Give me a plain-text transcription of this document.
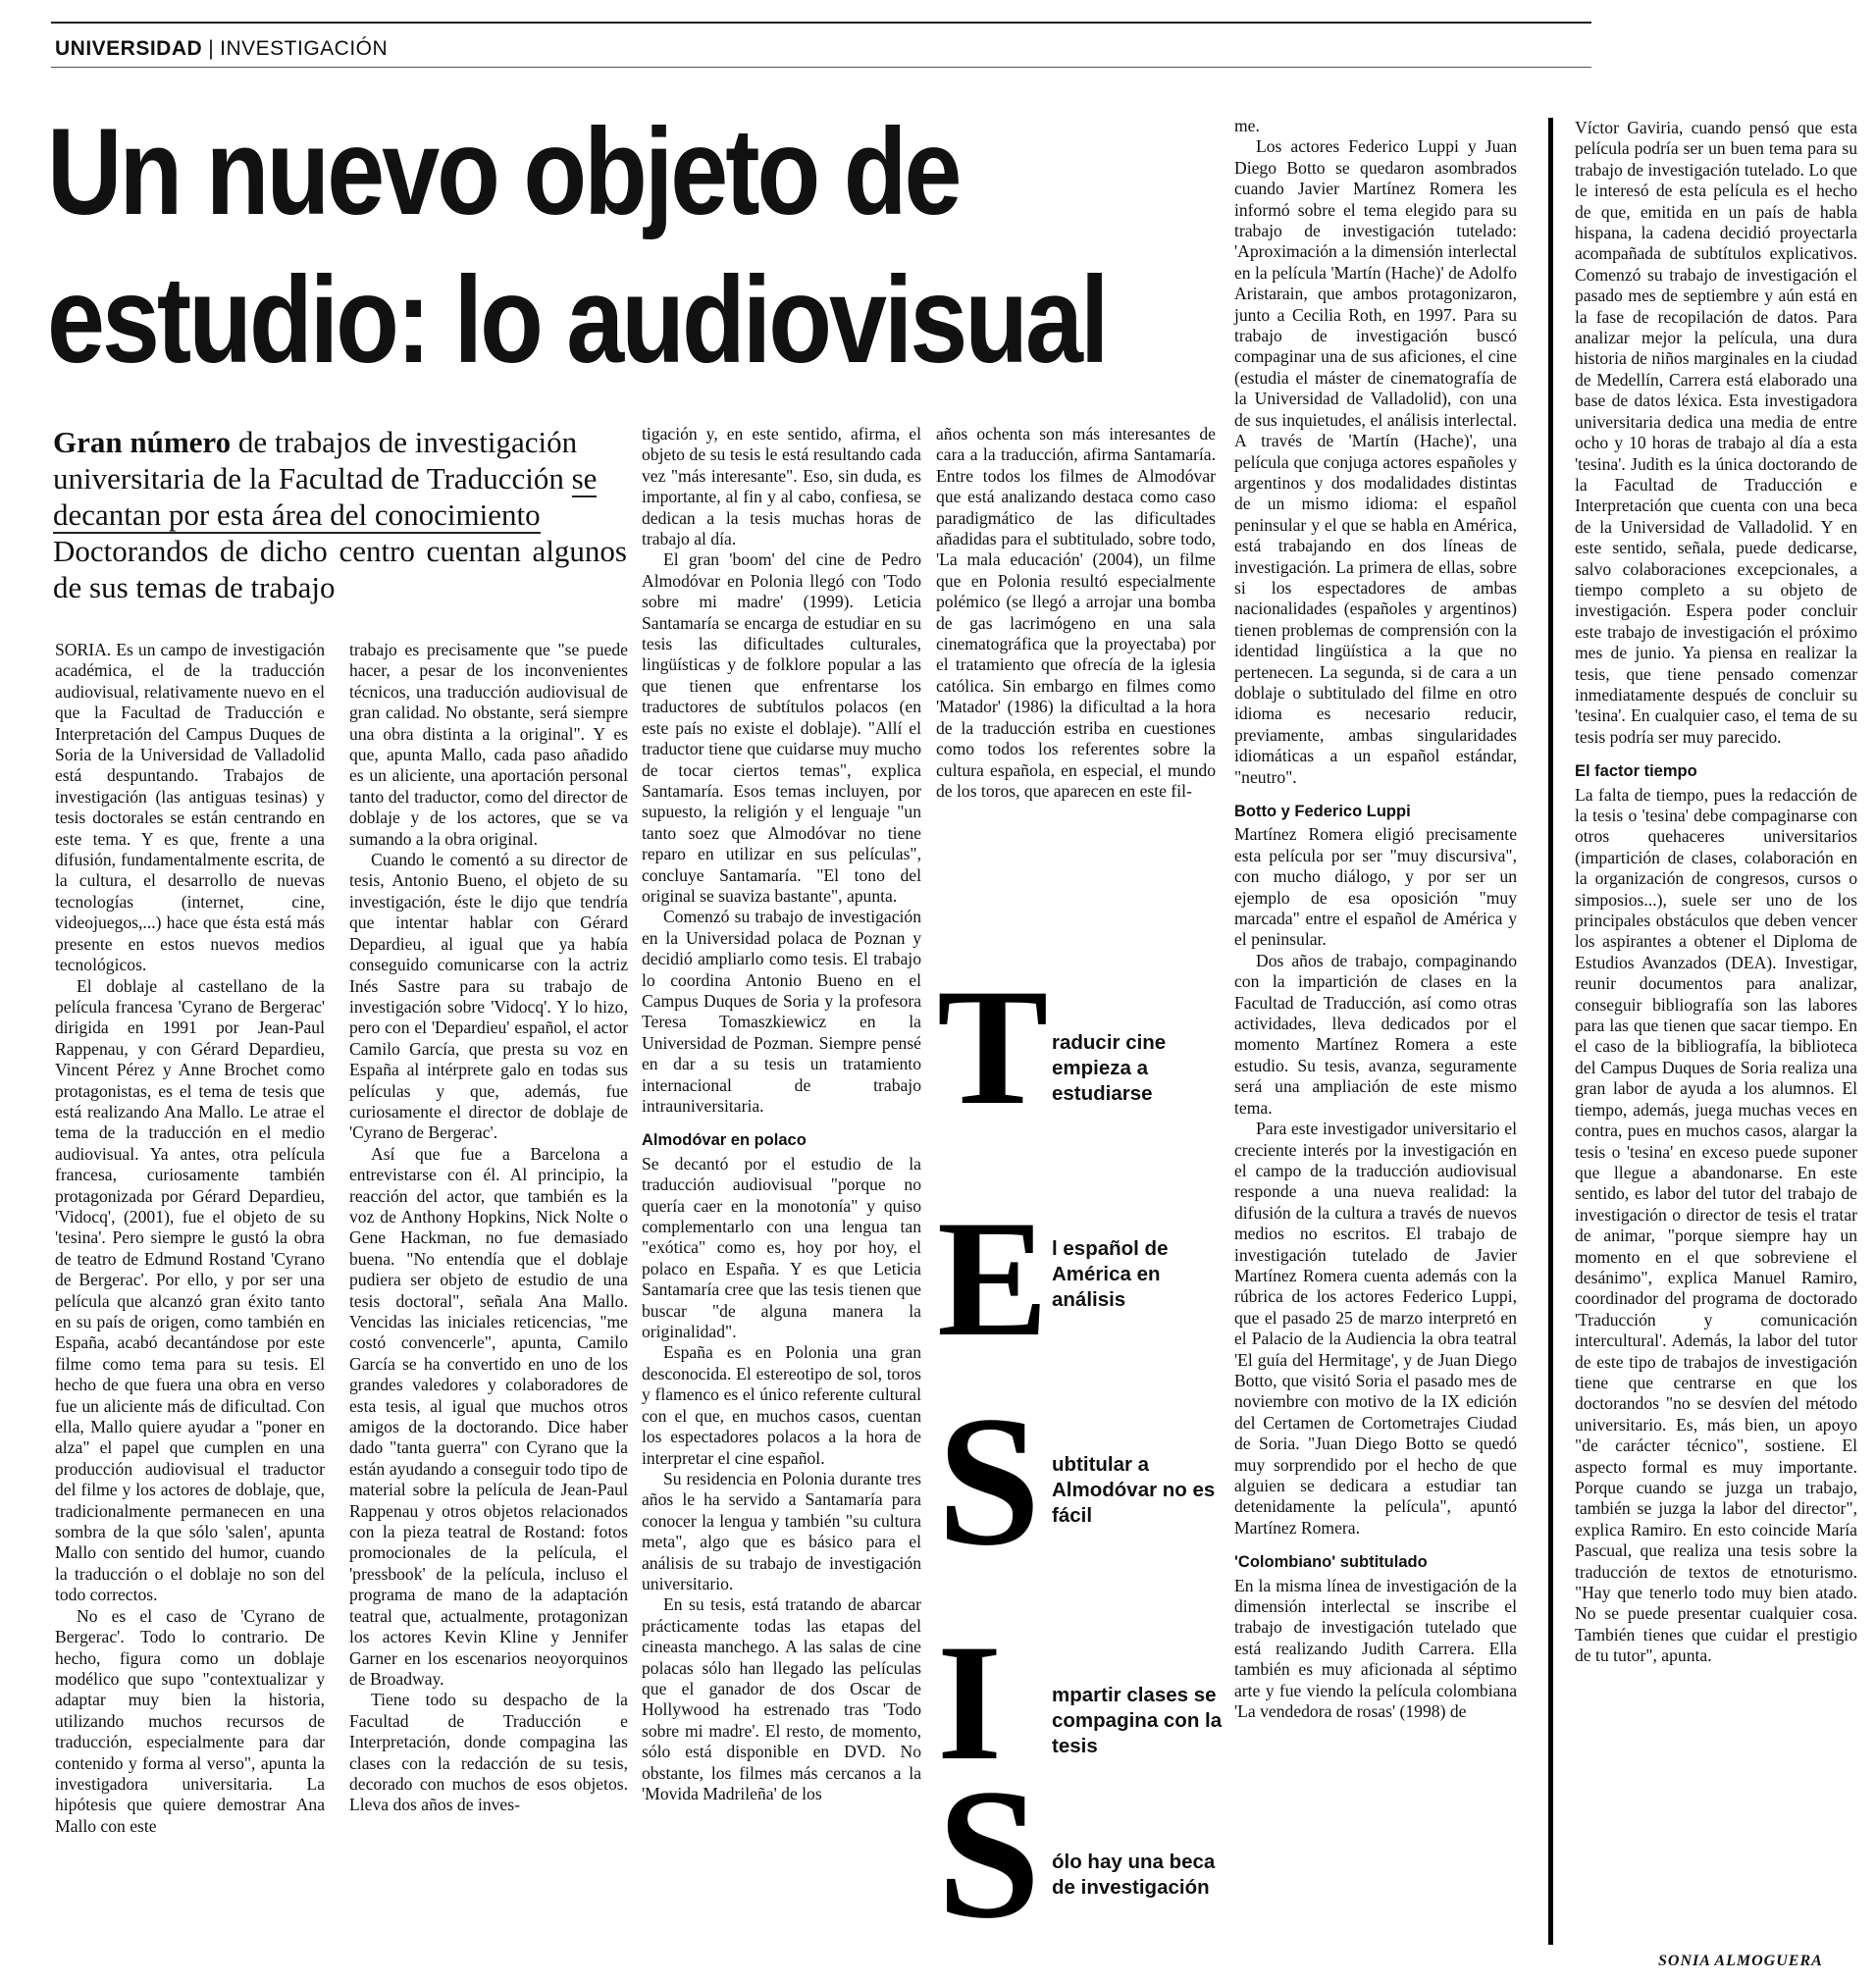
UNIVERSIDAD | INVESTIGACIÓN
Un nuevo objeto de estudio: lo audiovisual
Gran número de trabajos de investigación universitaria de la Facultad de Traducción se decantan por esta área del conocimiento
Doctorandos de dicho centro cuentan algunos de sus temas de trabajo

SORIA. Es un campo de investigación académica, el de la traducción audiovisual, relativamente nuevo en el que la Facultad de Traducción e Interpretación del Campus Duques de Soria de la Universidad de Valladolid está despuntando. Trabajos de investigación (las antiguas tesinas) y tesis doctorales se están centrando en este tema. Y es que, frente a una difusión, fundamentalmente escrita, de la cultura, el desarrollo de nuevas tecnologías (internet, cine, videojuegos,...) hace que ésta está más presente en estos nuevos medios tecnológicos.

El doblaje al castellano de la película francesa 'Cyrano de Bergerac' dirigida en 1991 por Jean-Paul Rappenau, y con Gérard Depardieu, Vincent Pérez y Anne Brochet como protagonistas, es el tema de tesis que está realizando Ana Mallo. Le atrae el tema de la traducción en el medio audiovisual. Ya antes, otra película francesa, curiosamente también protagonizada por Gérard Depardieu, 'Vidocq', (2001), fue el objeto de su 'tesina'. Pero siempre le gustó la obra de teatro de Edmund Rostand 'Cyrano de Bergerac'. Por ello, y por ser una película que alcanzó gran éxito tanto en su país de origen, como también en España, acabó decantándose por este filme como tema para su tesis. El hecho de que fuera una obra en verso fue un aliciente más de dificultad. Con ella, Mallo quiere ayudar a "poner en alza" el papel que cumplen en una producción audiovisual el traductor del filme y los actores de doblaje, que, tradicionalmente permanecen en una sombra de la que sólo 'salen', apunta Mallo con sentido del humor, cuando la traducción o el doblaje no son del todo correctos.

No es el caso de 'Cyrano de Bergerac'. Todo lo contrario. De hecho, figura como un doblaje modélico que supo "contextualizar y adaptar muy bien la historia, utilizando muchos recursos de traducción, especialmente para dar contenido y forma al verso", apunta la investigadora universitaria. La hipótesis que quiere demostrar Ana Mallo con este

trabajo es precisamente que "se puede hacer, a pesar de los inconvenientes técnicos, una traducción audiovisual de gran calidad. No obstante, será siempre una obra distinta a la original". Y es que, apunta Mallo, cada paso añadido es un aliciente, una aportación personal tanto del traductor, como del director de doblaje y de los actores, que se va sumando a la obra original.

Cuando le comentó a su director de tesis, Antonio Bueno, el objeto de su investigación, éste le dijo que tendría que intentar hablar con Gérard Depardieu, al igual que ya había conseguido comunicarse con la actriz Inés Sastre para su trabajo de investigación sobre 'Vidocq'. Y lo hizo, pero con el 'Depardieu' español, el actor Camilo García, que presta su voz en España al intérprete galo en todas sus películas y que, además, fue curiosamente el director de doblaje de 'Cyrano de Bergerac'.

Así que fue a Barcelona a entrevistarse con él. Al principio, la reacción del actor, que también es la voz de Anthony Hopkins, Nick Nolte o Gene Hackman, no fue demasiado buena. "No entendía que el doblaje pudiera ser objeto de estudio de una tesis doctoral", señala Ana Mallo. Vencidas las iniciales reticencias, "me costó convencerle", apunta, Camilo García se ha convertido en uno de los grandes valedores y colaboradores de esta tesis, al igual que muchos otros amigos de la doctorando. Dice haber dado "tanta guerra" con Cyrano que la están ayudando a conseguir todo tipo de material sobre la película de Jean-Paul Rappenau y otros objetos relacionados con la pieza teatral de Rostand: fotos promocionales de la película, el 'pressbook' de la película, incluso el programa de mano de la adaptación teatral que, actualmente, protagonizan los actores Kevin Kline y Jennifer Garner en los escenarios neoyorquinos de Broadway.

Tiene todo su despacho de la Facultad de Traducción e Interpretación, donde compagina las clases con la redacción de su tesis, decorado con muchos de esos objetos. Lleva dos años de inves-

tigación y, en este sentido, afirma, el objeto de su tesis le está resultando cada vez "más interesante". Eso, sin duda, es importante, al fin y al cabo, confiesa, se dedican a la tesis muchas horas de trabajo al día.

El gran 'boom' del cine de Pedro Almodóvar en Polonia llegó con 'Todo sobre mi madre' (1999). Leticia Santamaría se encarga de estudiar en su tesis las dificultades culturales, lingüísticas y de folklore popular a las que tienen que enfrentarse los traductores de subtítulos polacos (en este país no existe el doblaje). "Allí el traductor tiene que cuidarse muy mucho de tocar ciertos temas", explica Santamaría. Esos temas incluyen, por supuesto, la religión y el lenguaje "un tanto soez que Almodóvar no tiene reparo en utilizar en sus películas", concluye Santamaría. "El tono del original se suaviza bastante", apunta.

Comenzó su trabajo de investigación en la Universidad polaca de Poznan y decidió ampliarlo como tesis. El trabajo lo coordina Antonio Bueno en el Campus Duques de Soria y la profesora Teresa Tomaszkiewicz en la Universidad de Pozman. Siempre pensé en dar a su tesis un tratamiento internacional de trabajo intrauniversitaria.

Almodóvar en polaco

Se decantó por el estudio de la traducción audiovisual "porque no quería caer en la monotonía" y quiso complementarlo con una lengua tan "exótica" como es, hoy por hoy, el polaco en España. Y es que Leticia Santamaría cree que las tesis tienen que buscar "de alguna manera la originalidad".

España es en Polonia una gran desconocida. El estereotipo de sol, toros y flamenco es el único referente cultural con el que, en muchos casos, cuentan los espectadores polacos a la hora de interpretar el cine español.

Su residencia en Polonia durante tres años le ha servido a Santamaría para conocer la lengua y también "su cultura meta", algo que es básico para el análisis de su trabajo de investigación universitario.

En su tesis, está tratando de abarcar prácticamente todas las etapas del cineasta manchego. A las salas de cine polacas sólo han llegado las películas que el ganador de dos Oscar de Hollywood ha estrenado tras 'Todo sobre mi madre'. El resto, de momento, sólo está disponible en DVD. No obstante, los filmes más cercanos a la 'Movida Madrileña' de los

años ochenta son más interesantes de cara a la traducción, afirma Santamaría. Entre todos los filmes de Almodóvar que está analizando destaca como caso paradigmático de las dificultades añadidas para el subtitulado, sobre todo, 'La mala educación' (2004), un filme que en Polonia resultó especialmente polémico (se llegó a arrojar una bomba de gas lacrimógeno en una sala cinematográfica que la proyectaba) por el tratamiento que ofrecía de la iglesia católica. Sin embargo en filmes como 'Matador' (1986) la dificultad a la hora de la traducción estriba en cuestiones como todos los referentes sobre la cultura española, en especial, el mundo de los toros, que aparecen en este fil-

T raducir cine empieza a estudiarse
E l español de América en análisis
S ubtitular a Almodóvar no es fácil
I mpartir clases se compagina con la tesis
S ólo hay una beca de investigación

me.

Los actores Federico Luppi y Juan Diego Botto se quedaron asombrados cuando Javier Martínez Romera les informó sobre el tema elegido para su trabajo de investigación tutelado: 'Aproximación a la dimensión interlectal en la película 'Martín (Hache)' de Adolfo Aristarain, que ambos protagonizaron, junto a Cecilia Roth, en 1997. Para su trabajo de investigación buscó compaginar una de sus aficiones, el cine (estudia el máster de cinematografía de la Universidad de Valladolid), con una de sus inquietudes, el análisis interlectal. A través de 'Martín (Hache)', una película que conjuga actores españoles y argentinos y dos modalidades distintas de un mismo idioma: el español peninsular y el que se habla en América, está trabajando en dos líneas de investigación. La primera de ellas, sobre si los espectadores de ambas nacionalidades (españoles y argentinos) tienen problemas de comprensión con la identidad lingüística a la que no pertenecen. La segunda, si de cara a un doblaje o subtitulado del filme en otro idioma es necesario reducir, previamente, ambas singularidades idiomáticas a un español estándar, "neutro".

Botto y Federico Luppi

Martínez Romera eligió precisamente esta película por ser "muy discursiva", con mucho diálogo, y por ser un ejemplo de esa oposición "muy marcada" entre el español de América y el peninsular.

Dos años de trabajo, compaginando con la impartición de clases en la Facultad de Traducción, así como otras actividades, lleva dedicados por el momento Martínez Romera a este estudio. Su tesis, avanza, seguramente será una ampliación de este mismo tema.

Para este investigador universitario el creciente interés por la investigación en el campo de la traducción audiovisual responde a una nueva realidad: la difusión de la cultura a través de nuevos medios no escritos. El trabajo de investigación tutelado de Javier Martínez Romera cuenta además con la rúbrica de los actores Federico Luppi, que el pasado 25 de marzo interpretó en el Palacio de la Audiencia la obra teatral 'El guía del Hermitage', y de Juan Diego Botto, que visitó Soria el pasado mes de noviembre con motivo de la IX edición del Certamen de Cortometrajes Ciudad de Soria. "Juan Diego Botto se quedó muy sorprendido por el hecho de que alguien se dedicara a estudiar tan detenidamente la película", apuntó Martínez Romera.

'Colombiano' subtitulado

En la misma línea de investigación de la dimensión interlectal se inscribe el trabajo de investigación tutelado que está realizando Judith Carrera. Ella también es muy aficionada al séptimo arte y fue viendo la película colombiana 'La vendedora de rosas' (1998) de

Víctor Gaviria, cuando pensó que esta película podría ser un buen tema para su trabajo de investigación tutelado. Lo que le interesó de esta película es el hecho de que, emitida en un país de habla hispana, la cadena decidió proyectarla acompañada de subtítulos explicativos. Comenzó su trabajo de investigación el pasado mes de septiembre y aún está en la fase de recopilación de datos. Para analizar mejor la película, una dura historia de niños marginales en la ciudad de Medellín, Carrera está elaborado una base de datos léxica. Esta investigadora universitaria dedica una media de entre ocho y 10 horas de trabajo al día a esta 'tesina'. Judith es la única doctorando de la Facultad de Traducción e Interpretación que cuenta con una beca de la Universidad de Valladolid. Y en este sentido, señala, puede dedicarse, salvo colaboraciones excepcionales, a tiempo completo a su objeto de investigación. Espera poder concluir este trabajo de investigación el próximo mes de junio. Ya piensa en realizar la tesis, que tiene pensado comenzar inmediatamente después de concluir su 'tesina'. En cualquier caso, el tema de su tesis podría ser muy parecido.

El factor tiempo

La falta de tiempo, pues la redacción de la tesis o 'tesina' debe compaginarse con otros quehaceres universitarios (impartición de clases, colaboración en la organización de congresos, cursos o simposios...), suele ser uno de los principales obstáculos que deben vencer los aspirantes a obtener el Diploma de Estudios Avanzados (DEA). Investigar, reunir documentos para analizar, conseguir bibliografía son las labores para las que tienen que sacar tiempo. En el caso de la bibliografía, la biblioteca del Campus Duques de Soria realiza una gran labor de ayuda a los alumnos. El tiempo, además, juega muchas veces en contra, pues en muchos casos, alargar la tesis o 'tesina' en exceso puede suponer que llegue a abandonarse. En este sentido, es labor del tutor del trabajo de investigación o director de tesis el tratar de animar, "porque siempre hay un momento en el que sobreviene el desánimo", explica Manuel Ramiro, coordinador del programa de doctorado 'Traducción y comunicación intercultural'. Además, la labor del tutor de este tipo de trabajos de investigación tiene que centrarse en que los doctorandos "no se desvíen del método universitario. Es, más bien, un apoyo "de carácter técnico", sostiene. El aspecto formal es muy importante. Porque cuando se juzga un trabajo, también se juzga la labor del director", explica Ramiro. En esto coincide María Pascual, que realiza una tesis sobre la traducción de textos de etnoturismo. "Hay que tenerlo todo muy bien atado. No se puede presentar cualquier cosa. También tienes que cuidar el prestigio de tu tutor", apunta.

SONIA ALMOGUERA
